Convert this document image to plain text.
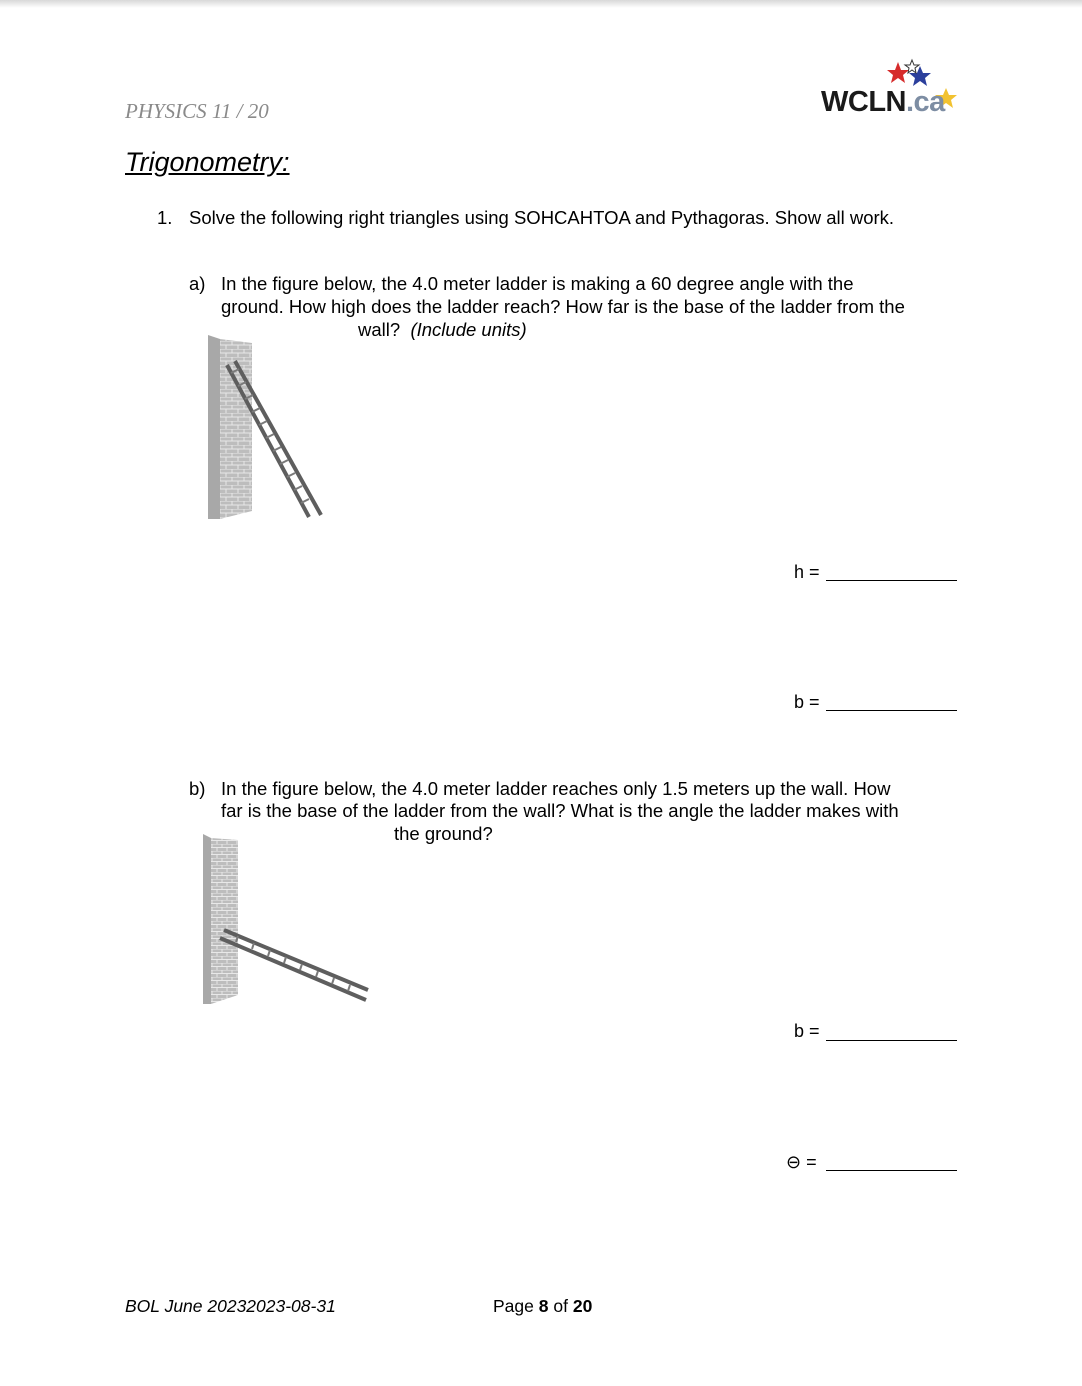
PHYSICS 11 / 20	WCLN.ca
Trigonometry:
1. Solve the following right triangles using SOHCAHTOA and Pythagoras. Show all work.
a) In the figure below, the 4.0 meter ladder is making a 60 degree angle with the
ground. How high does the ladder reach? How far is the base of the ladder from the
wall? (Include units)
h =
b =
b) In the figure below, the 4.0 meter ladder reaches only 1.5 meters up the wall. How
far is the base of the ladder from the wall? What is the angle the ladder makes with
the ground?
b =
⊖ =
BOL June 20232023-08-31	Page 8 of 20
